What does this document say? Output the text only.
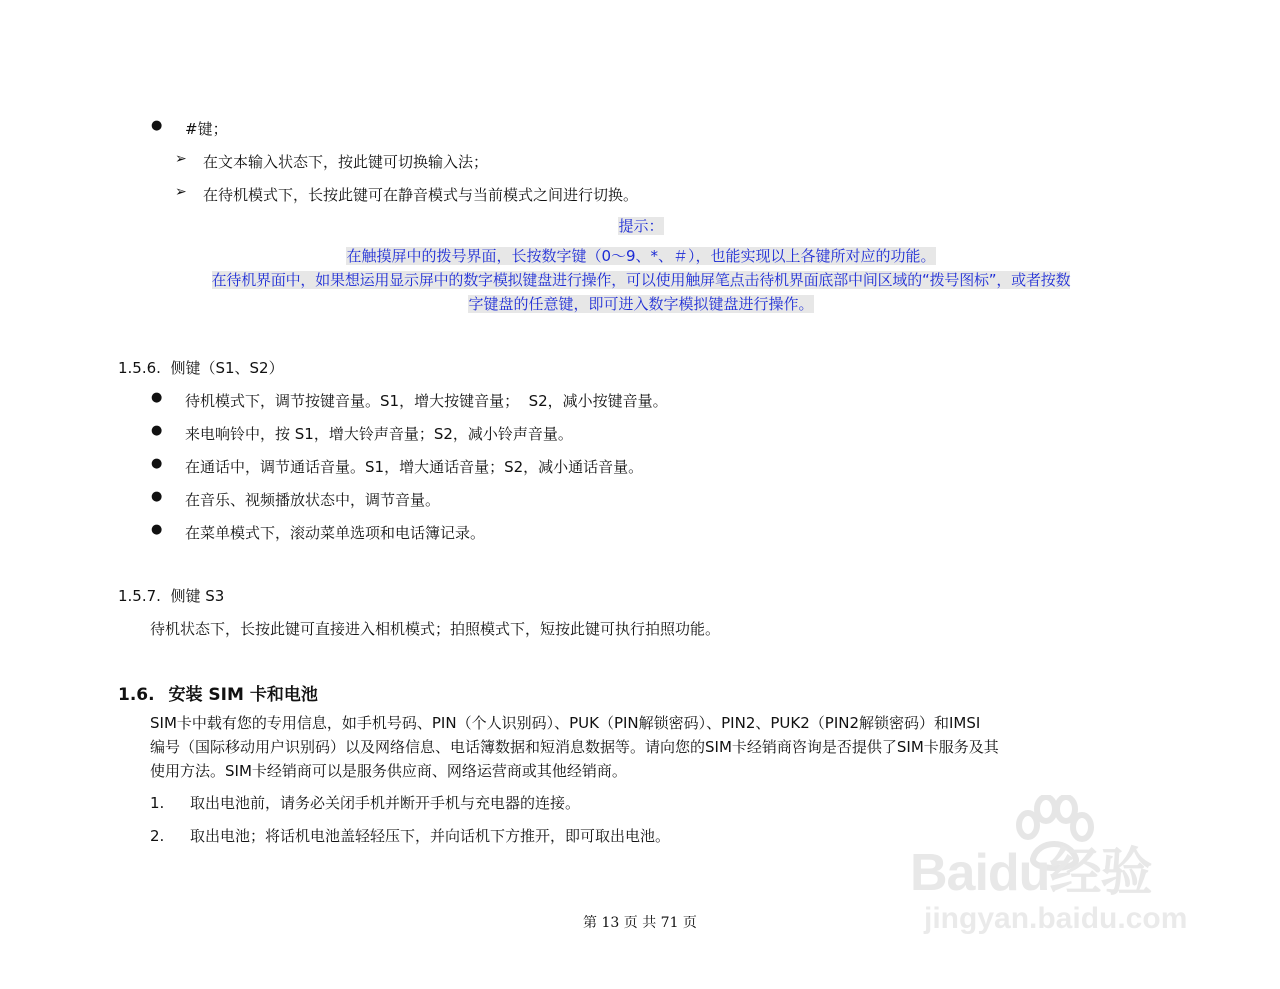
● #键；
➢ 在文本输入状态下，按此键可切换输入法；
➢ 在待机模式下，长按此键可在静音模式与当前模式之间进行切换。
提示：
在触摸屏中的拨号界面，长按数字键（0～9、*、＃），也能实现以上各键所对应的功能。
在待机界面中，如果想运用显示屏中的数字模拟键盘进行操作，可以使用触屏笔点击待机界面底部中间区域的“拨号图标”，或者按数
字键盘的任意键，即可进入数字模拟键盘进行操作。
1.5.6.  侧键（S1、S2）
● 待机模式下，调节按键音量。S1，增大按键音量；  S2，减小按键音量。
● 来电响铃中，按 S1，增大铃声音量；S2，减小铃声音量。
● 在通话中，调节通话音量。S1，增大通话音量；S2，减小通话音量。
● 在音乐、视频播放状态中，调节音量。
● 在菜单模式下，滚动菜单选项和电话簿记录。
1.5.7.  侧键 S3
待机状态下，长按此键可直接进入相机模式；拍照模式下，短按此键可执行拍照功能。
1.6. 安装 SIM 卡和电池
SIM卡中载有您的专用信息，如手机号码、PIN（个人识别码）、PUK（PIN解锁密码）、PIN2、PUK2（PIN2解锁密码）和IMSI
编号（国际移动用户识别码）以及网络信息、电话簿数据和短消息数据等。请向您的SIM卡经销商咨询是否提供了SIM卡服务及其
使用方法。SIM卡经销商可以是服务供应商、网络运营商或其他经销商。
1. 取出电池前，请务必关闭手机并断开手机与充电器的连接。
2. 取出电池；将话机电池盖轻轻压下，并向话机下方推开，即可取出电池。
Baidu经验
jingyan.baidu.com
第 13 页 共 71 页
